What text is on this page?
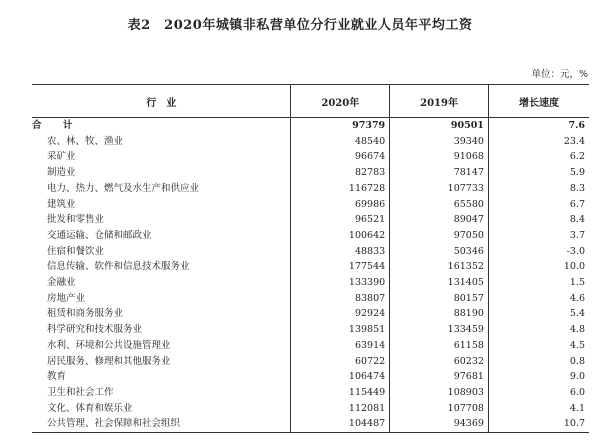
表2　2020年城镇非私营单位分行业就业人员年平均工资
单位：元，%
行　业	2020年	2019年	增长速度
合　计	97379	90501	7.6
农、林、牧、渔业	48540	39340	23.4
采矿业	96674	91068	6.2
制造业	82783	78147	5.9
电力、热力、燃气及水生产和供应业	116728	107733	8.3
建筑业	69986	65580	6.7
批发和零售业	96521	89047	8.4
交通运输、仓储和邮政业	100642	97050	3.7
住宿和餐饮业	48833	50346	-3.0
信息传输、软件和信息技术服务业	177544	161352	10.0
金融业	133390	131405	1.5
房地产业	83807	80157	4.6
租赁和商务服务业	92924	88190	5.4
科学研究和技术服务业	139851	133459	4.8
水利、环境和公共设施管理业	63914	61158	4.5
居民服务、修理和其他服务业	60722	60232	0.8
教育	106474	97681	9.0
卫生和社会工作	115449	108903	6.0
文化、体育和娱乐业	112081	107708	4.1
公共管理、社会保障和社会组织	104487	94369	10.7
